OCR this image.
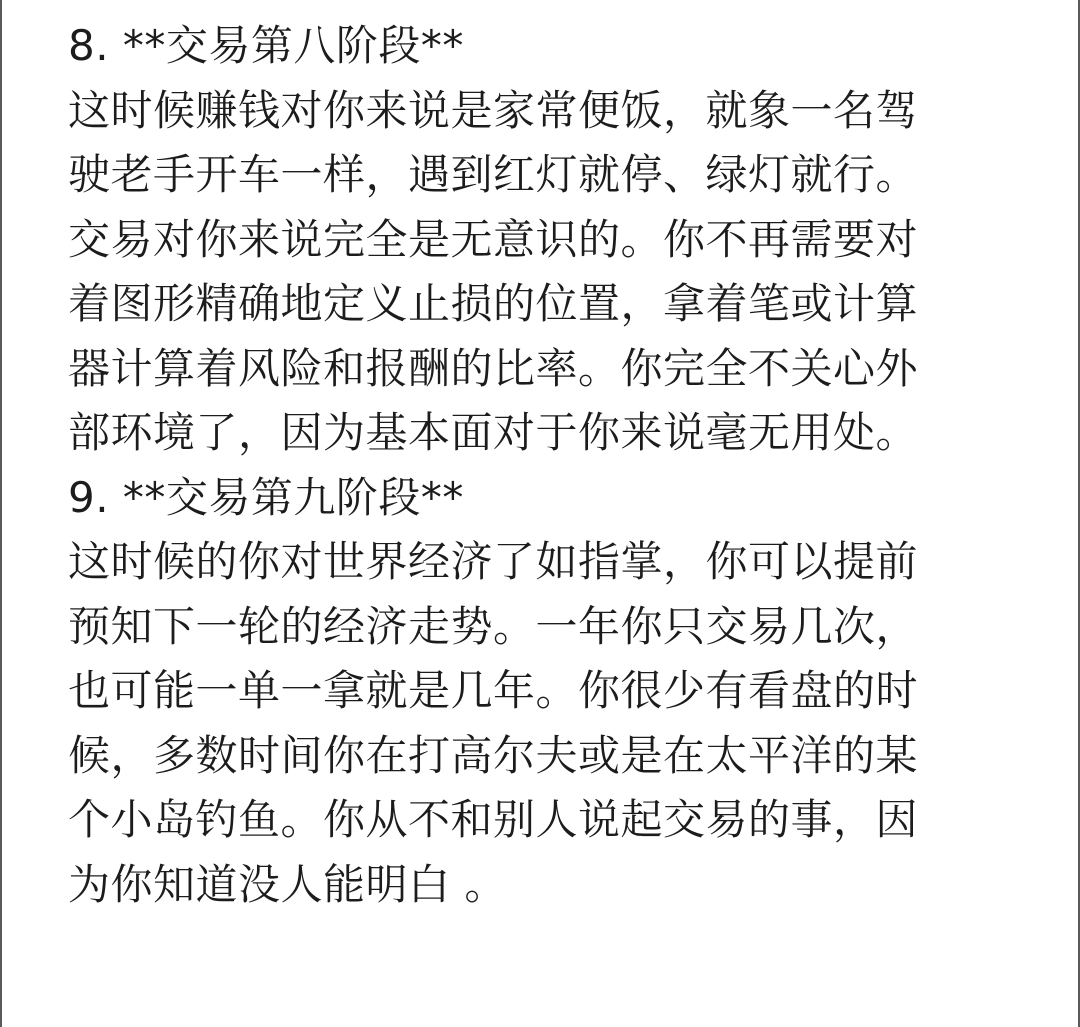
8. **交易第八阶段**
这时候赚钱对你来说是家常便饭，就象一名驾
驶老手开车一样，遇到红灯就停、绿灯就行。
交易对你来说完全是无意识的。你不再需要对
着图形精确地定义止损的位置，拿着笔或计算
器计算着风险和报酬的比率。你完全不关心外
部环境了，因为基本面对于你来说毫无用处。
9. **交易第九阶段**
这时候的你对世界经济了如指掌，你可以提前
预知下一轮的经济走势。一年你只交易几次，
也可能一单一拿就是几年。你很少有看盘的时
候，多数时间你在打高尔夫或是在太平洋的某
个小岛钓鱼。你从不和别人说起交易的事，因
为你知道没人能明白 。
